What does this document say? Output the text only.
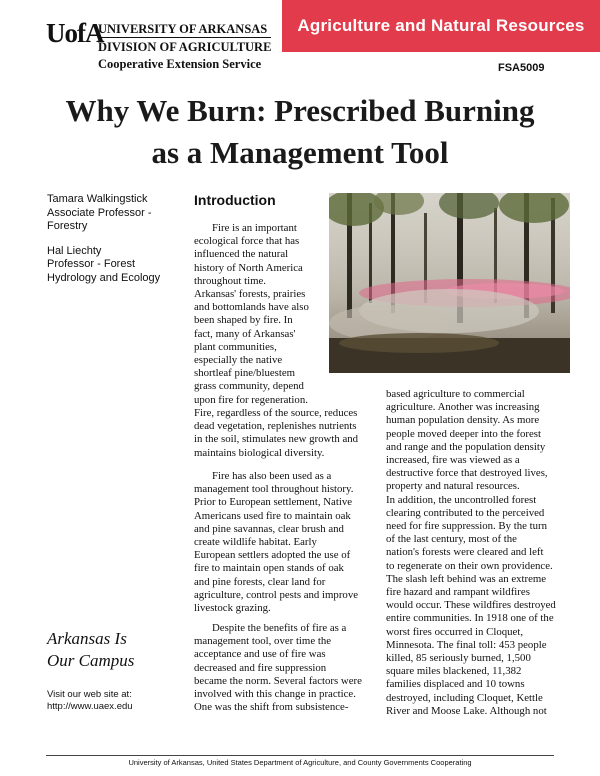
UofA
UNIVERSITY OF ARKANSAS
DIVISION OF AGRICULTURE
Cooperative Extension Service
Agriculture and Natural Resources
FSA5009
Why We Burn: Prescribed Burning
as a Management Tool

Tamara Walkingstick
Associate Professor -
Forestry

Hal Liechty
Professor - Forest
Hydrology and Ecology

Arkansas Is
Our Campus
Visit our web site at:
http://www.uaex.edu
Introduction
Fire is an important
ecological force that has
influenced the natural
history of North America
throughout time.
Arkansas' forests, prairies
and bottomlands have also
been shaped by fire. In
fact, many of Arkansas'
plant communities,
especially the native
shortleaf pine/bluestem
grass community, depend
upon fire for regeneration.
Fire, regardless of the source, reduces
dead vegetation, replenishes nutrients
in the soil, stimulates new growth and
maintains biological diversity.
Fire has also been used as a
management tool throughout history.
Prior to European settlement, Native
Americans used fire to maintain oak
and pine savannas, clear brush and
create wildlife habitat. Early
European settlers adopted the use of
fire to maintain open stands of oak
and pine forests, clear land for
agriculture, control pests and improve
livestock grazing.
Despite the benefits of fire as a
management tool, over time the
acceptance and use of fire was
decreased and fire suppression
became the norm. Several factors were
involved with this change in practice.
One was the shift from subsistence-
based agriculture to commercial
agriculture. Another was increasing
human population density. As more
people moved deeper into the forest
and range and the population density
increased, fire was viewed as a
destructive force that destroyed lives,
property and natural resources.
In addition, the uncontrolled forest
clearing contributed to the perceived
need for fire suppression. By the turn
of the last century, most of the
nation's forests were cleared and left
to regenerate on their own providence.
The slash left behind was an extreme
fire hazard and rampant wildfires
would occur. These wildfires destroyed
entire communities. In 1918 one of the
worst fires occurred in Cloquet,
Minnesota. The final toll: 453 people
killed, 85 seriously burned, 1,500
square miles blackened, 11,382
families displaced and 10 towns
destroyed, including Cloquet, Kettle
River and Moose Lake. Although not
University of Arkansas, United States Department of Agriculture, and County Governments Cooperating
